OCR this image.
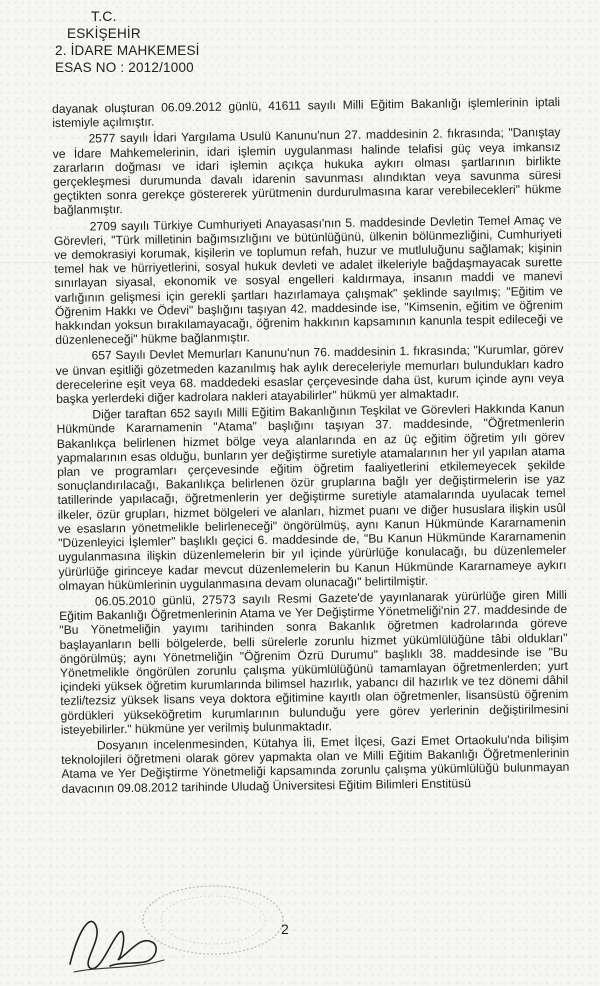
T.C.
ESKİŞEHİR
2. İDARE MAHKEMESİ
ESAS NO : 2012/1000

dayanak oluşturan 06.09.2012 günlü, 41611 sayılı Milli Eğitim Bakanlığı işlemlerinin iptali istemiyle açılmıştır.

2577 sayılı İdari Yargılama Usulü Kanunu'nun 27. maddesinin 2. fıkrasında; "Danıştay ve İdare Mahkemelerinin, idari işlemin uygulanması halinde telafisi güç veya imkansız zararların doğması ve idari işlemin açıkça hukuka aykırı olması şartlarının birlikte gerçekleşmesi durumunda davalı idarenin savunması alındıktan veya savunma süresi geçtikten sonra gerekçe göstererek yürütmenin durdurulmasına karar verebilecekleri" hükme bağlanmıştır.

2709 sayılı Türkiye Cumhuriyeti Anayasası'nın 5. maddesinde Devletin Temel Amaç ve Görevleri, "Türk milletinin bağımsızlığını ve bütünlüğünü, ülkenin bölünmezliğini, Cumhuriyeti ve demokrasiyi korumak, kişilerin ve toplumun refah, huzur ve mutluluğunu sağlamak; kişinin temel hak ve hürriyetlerini, sosyal hukuk devleti ve adalet ilkeleriyle bağdaşmayacak surette sınırlayan siyasal, ekonomik ve sosyal engelleri kaldırmaya, insanın maddi ve manevi varlığının gelişmesi için gerekli şartları hazırlamaya çalışmak" şeklinde sayılmış; "Eğitim ve Öğrenim Hakkı ve Ödevi" başlığını taşıyan 42. maddesinde ise, "Kimsenin, eğitim ve öğrenim hakkından yoksun bırakılamayacağı, öğrenim hakkının kapsamının kanunla tespit edileceği ve düzenleneceği" hükme bağlanmıştır.

657 Sayılı Devlet Memurları Kanunu'nun 76. maddesinin 1. fıkrasında; "Kurumlar, görev ve ünvan eşitliği gözetmeden kazanılmış hak aylık dereceleriyle memurları bulundukları kadro derecelerine eşit veya 68. maddedeki esaslar çerçevesinde daha üst, kurum içinde aynı veya başka yerlerdeki diğer kadrolara nakleri atayabilirler" hükmü yer almaktadır.

Diğer taraftan 652 sayılı Milli Eğitim Bakanlığının Teşkilat ve Görevleri Hakkında Kanun Hükmünde Kararnamenin "Atama" başlığını taşıyan 37. maddesinde, "Öğretmenlerin Bakanlıkça belirlenen hizmet bölge veya alanlarında en az üç eğitim öğretim yılı görev yapmalarının esas olduğu, bunların yer değiştirme suretiyle atamalarının her yıl yapılan atama plan ve programları çerçevesinde eğitim öğretim faaliyetlerini etkilemeyecek şekilde sonuçlandırılacağı, Bakanlıkça belirlenen özür gruplarına bağlı yer değiştirmelerin ise yaz tatillerinde yapılacağı, öğretmenlerin yer değiştirme suretiyle atamalarında uyulacak temel ilkeler, özür grupları, hizmet bölgeleri ve alanları, hizmet puanı ve diğer hususlara ilişkin usûl ve esasların yönetmelikle belirleneceği" öngörülmüş, aynı Kanun Hükmünde Kararnamenin "Düzenleyici İşlemler" başlıklı geçici 6. maddesinde de, "Bu Kanun Hükmünde Kararnamenin uygulanmasına ilişkin düzenlemelerin bir yıl içinde yürürlüğe konulacağı, bu düzenlemeler yürürlüğe girinceye kadar mevcut düzenlemelerin bu Kanun Hükmünde Kararnameye aykırı olmayan hükümlerinin uygulanmasına devam olunacağı" belirtilmiştir.

06.05.2010 günlü, 27573 sayılı Resmi Gazete'de yayınlanarak yürürlüğe giren Milli Eğitim Bakanlığı Öğretmenlerinin Atama ve Yer Değiştirme Yönetmeliği'nin 27. maddesinde de "Bu Yönetmeliğin yayımı tarihinden sonra Bakanlık öğretmen kadrolarında göreve başlayanların belli bölgelerde, belli sürelerle zorunlu hizmet yükümlülüğüne tâbi oldukları" öngörülmüş; aynı Yönetmeliğin "Öğrenim Özrü Durumu" başlıklı 38. maddesinde ise "Bu Yönetmelikle öngörülen zorunlu çalışma yükümlülüğünü tamamlayan öğretmenlerden; yurt içindeki yüksek öğretim kurumlarında bilimsel hazırlık, yabancı dil hazırlık ve tez dönemi dâhil tezli/tezsiz yüksek lisans veya doktora eğitimine kayıtlı olan öğretmenler, lisansüstü öğrenim gördükleri yükseköğretim kurumlarının bulunduğu yere görev yerlerinin değiştirilmesini isteyebilirler." hükmüne yer verilmiş bulunmaktadır.

Dosyanın incelenmesinden, Kütahya İli, Emet İlçesi, Gazi Emet Ortaokulu'nda bilişim teknolojileri öğretmeni olarak görev yapmakta olan ve Milli Eğitim Bakanlığı Öğretmenlerinin Atama ve Yer Değiştirme Yönetmeliği kapsamında zorunlu çalışma yükümlülüğü bulunmayan davacının 09.08.2012 tarihinde Uludağ Üniversitesi Eğitim Bilimleri Enstitüsü

2
